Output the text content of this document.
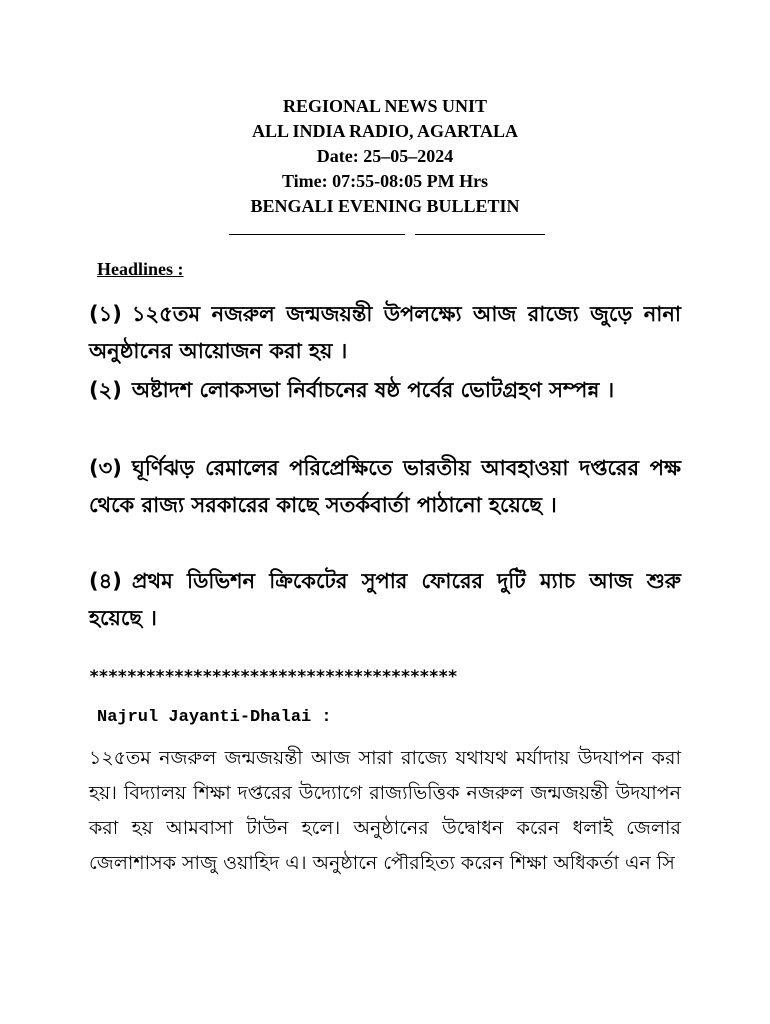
REGIONAL NEWS UNIT
ALL INDIA RADIO, AGARTALA
Date: 25–05–2024
Time: 07:55-08:05 PM Hrs
BENGALI EVENING BULLETIN
Headlines :
(১) ১২৫তম নজরুল জন্মজয়ন্তী উপলক্ষ্যে আজ রাজ্যে জুড়ে নানা অনুষ্ঠানের আয়োজন করা হয় ।
(২) অষ্টাদশ লোকসভা নির্বাচনের ষষ্ঠ পর্বের ভোটগ্রহণ সম্পন্ন ।
(৩) ঘূর্ণিঝড় রেমালের পরিপ্রেক্ষিতে ভারতীয় আবহাওয়া দপ্তরের পক্ষ থেকে রাজ্য সরকারের কাছে সতর্কবার্তা পাঠানো হয়েছে ।
(৪) প্রথম ডিভিশন ক্রিকেটের সুপার ফোরের দুটি ম্যাচ আজ শুরু হয়েছে ।
***************************************
Najrul Jayanti-Dhalai :
১২৫তম নজরুল জন্মজয়ন্তী আজ সারা রাজ্যে যথাযথ মর্যাদায় উদযাপন করা হয়। বিদ্যালয় শিক্ষা দপ্তরের উদ্যোগে রাজ্যভিত্তিক নজরুল জন্মজয়ন্তী উদযাপন করা হয় আমবাসা টাউন হলে। অনুষ্ঠানের উদ্বোধন করেন ধলাই জেলার জেলাশাসক সাজু ওয়াহিদ এ। অনুষ্ঠানে পৌরহিত্য করেন শিক্ষা অধিকর্তা এন সি
